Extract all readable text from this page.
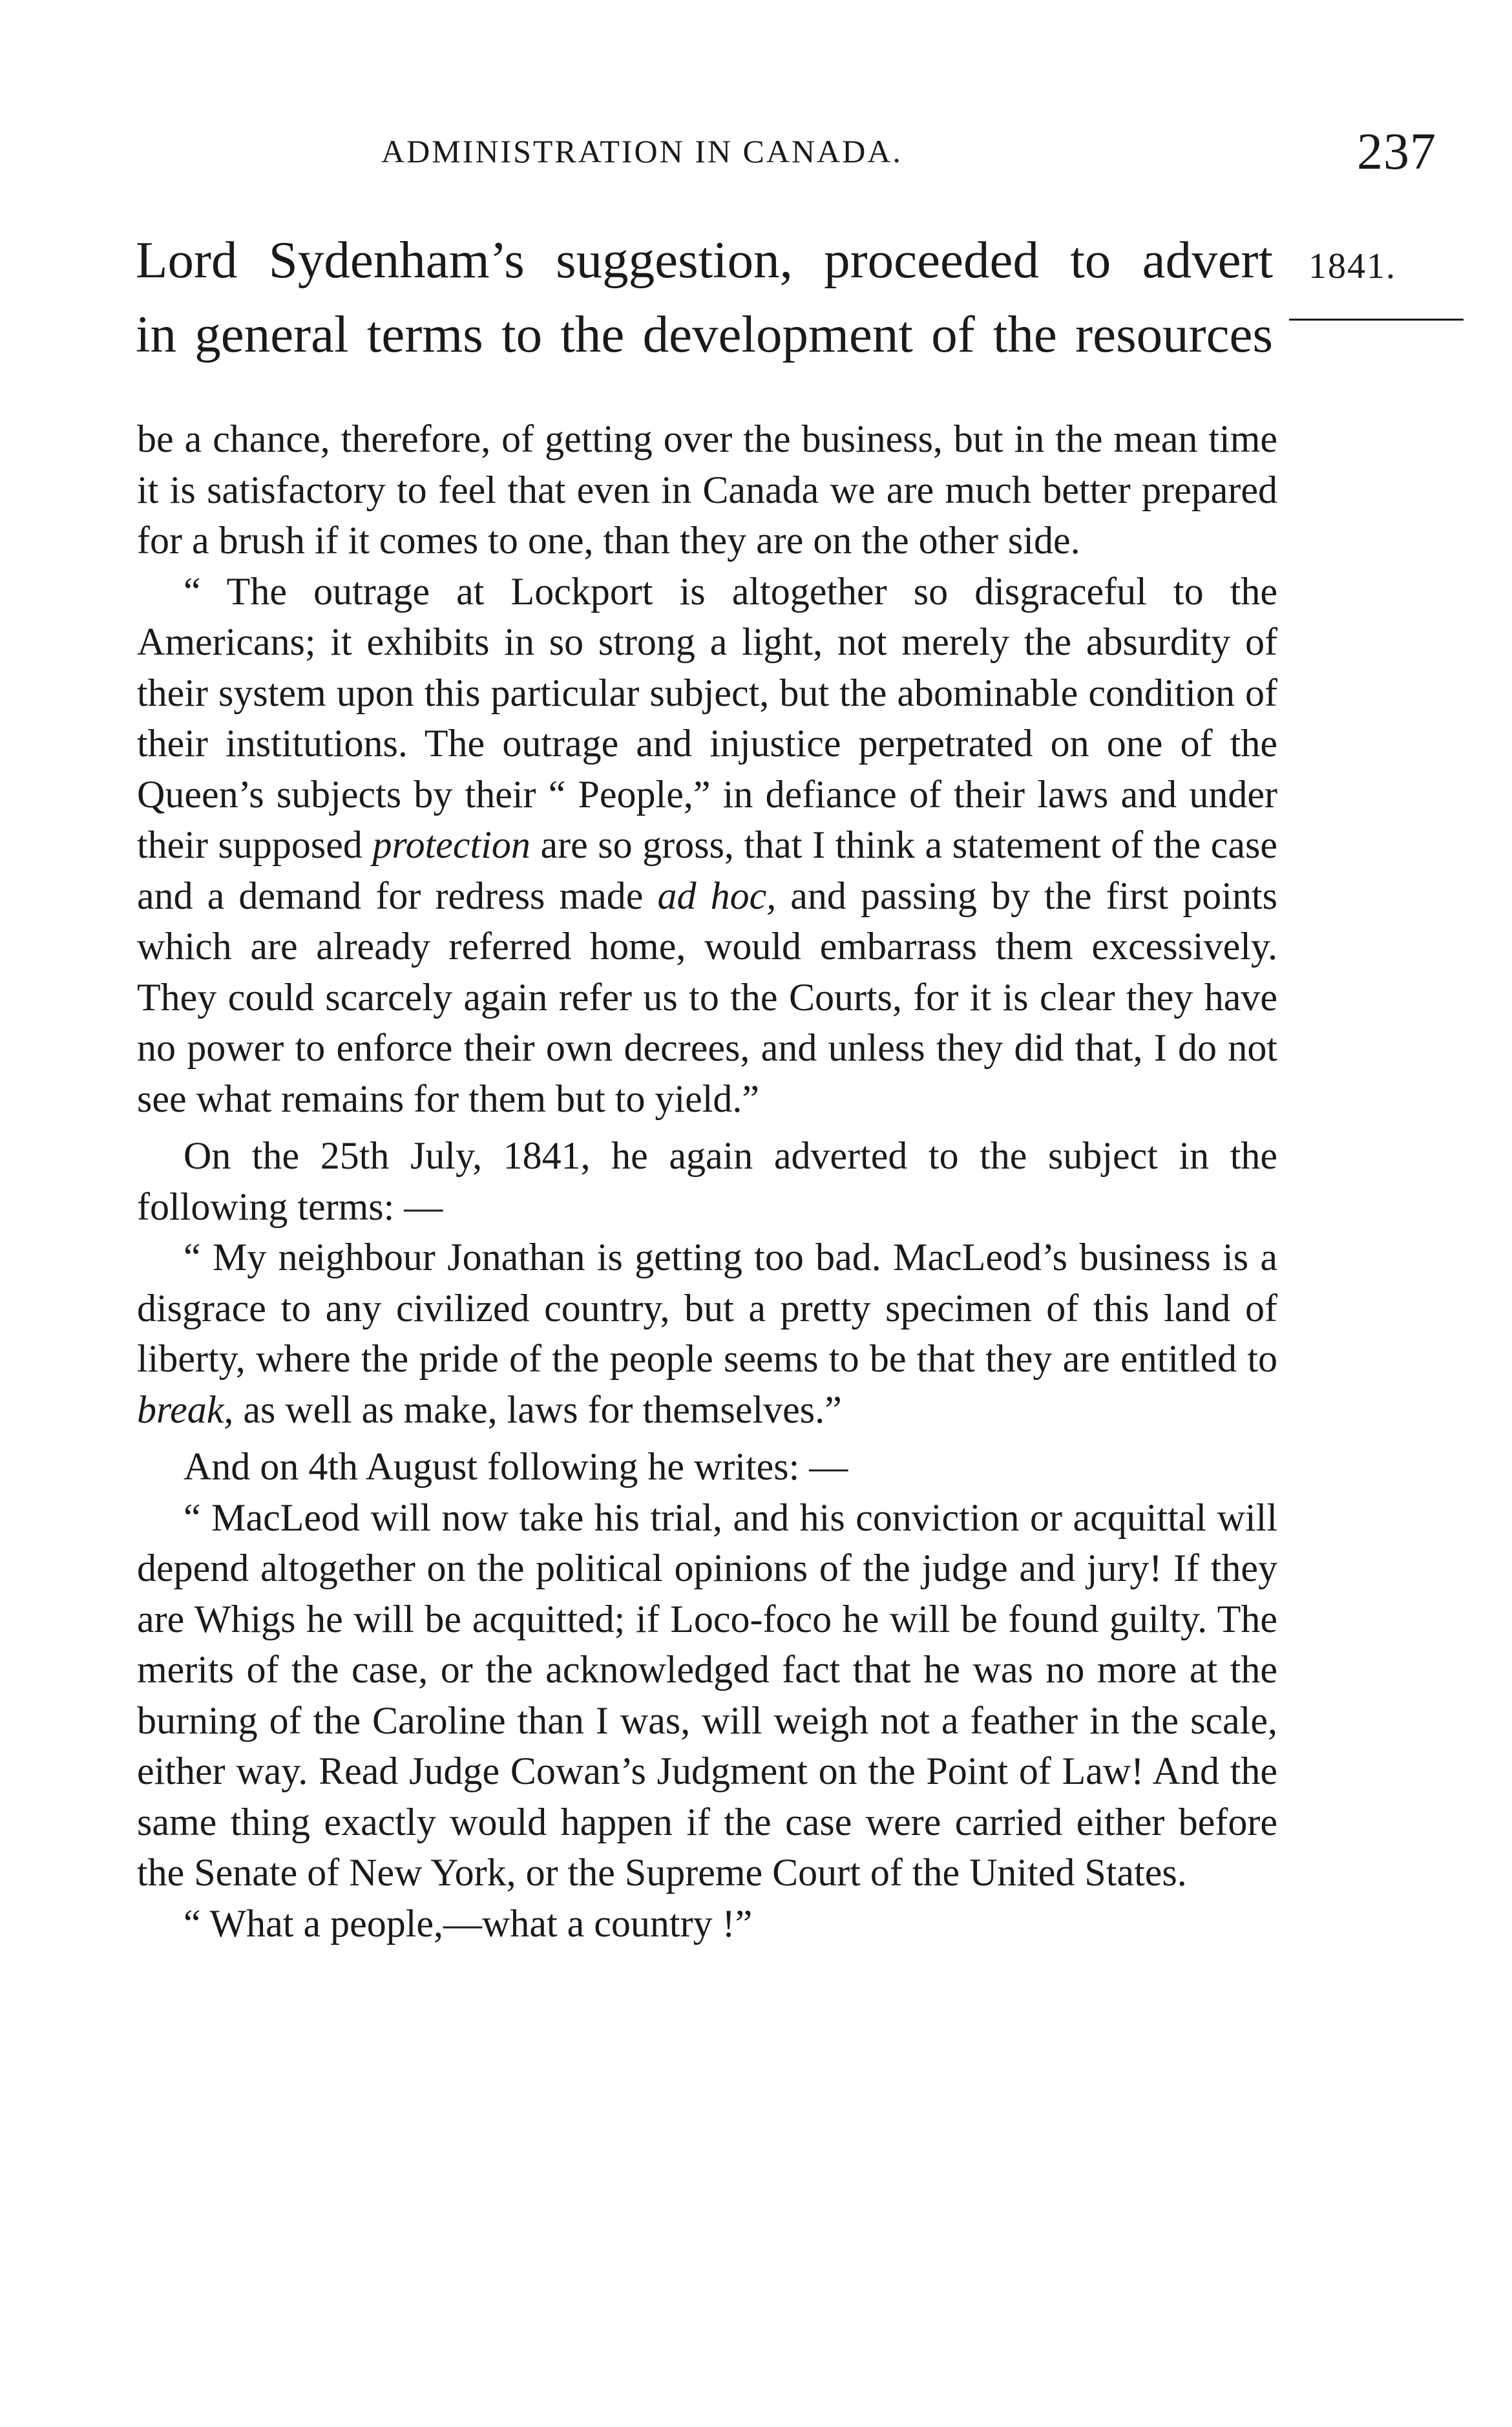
ADMINISTRATION IN CANADA.	237
Lord Sydenham’s suggestion, proceeded to advert
in general terms to the development of the resources
1841.

be a chance, therefore, of getting over the business, but in the mean time it is satisfactory to feel that even in Canada we are much better prepared for a brush if it comes to one, than they are on the other side.

“ The outrage at Lockport is altogether so disgraceful to the Americans; it exhibits in so strong a light, not merely the absurdity of their system upon this particular subject, but the abominable condition of their institutions. The outrage and injustice perpetrated on one of the Queen’s subjects by their “ People,” in defiance of their laws and under their supposed protection are so gross, that I think a statement of the case and a demand for redress made ad hoc, and passing by the first points which are already referred home, would embarrass them excessively. They could scarcely again refer us to the Courts, for it is clear they have no power to enforce their own decrees, and unless they did that, I do not see what remains for them but to yield.”

On the 25th July, 1841, he again adverted to the subject in the following terms: —

“ My neighbour Jonathan is getting too bad. MacLeod’s business is a disgrace to any civilized country, but a pretty specimen of this land of liberty, where the pride of the people seems to be that they are entitled to break, as well as make, laws for themselves.”

And on 4th August following he writes: —

“ MacLeod will now take his trial, and his conviction or acquittal will depend altogether on the political opinions of the judge and jury! If they are Whigs he will be acquitted; if Loco-foco he will be found guilty. The merits of the case, or the acknowledged fact that he was no more at the burning of the Caroline than I was, will weigh not a feather in the scale, either way. Read Judge Cowan’s Judgment on the Point of Law! And the same thing exactly would happen if the case were carried either before the Senate of New York, or the Supreme Court of the United States.

“ What a people,—what a country !”
